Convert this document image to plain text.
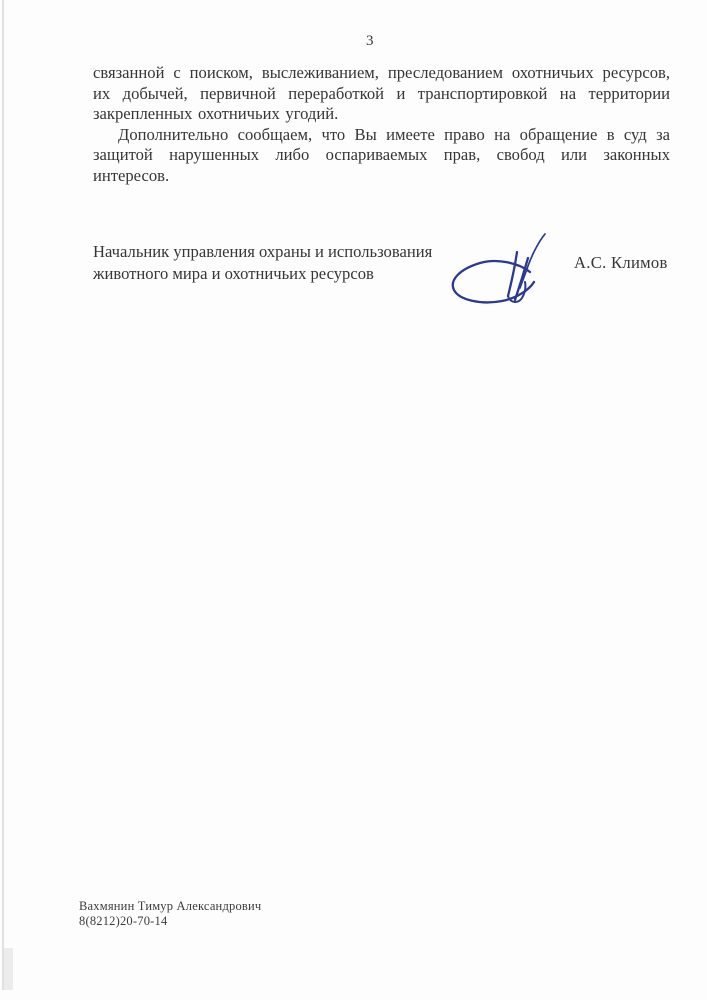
3
связанной с поиском, выслеживанием, преследованием охотничьих ресурсов,
их добычей, первичной переработкой и транспортировкой на территории
закрепленных охотничьих угодий.
Дополнительно сообщаем, что Вы имеете право на обращение в суд за
защитой нарушенных либо оспариваемых прав, свобод или законных
интересов.
Начальник управления охраны и использования
животного мира и охотничьих ресурсов
А.С. Климов
Вахмянин Тимур Александрович
8(8212)20-70-14
